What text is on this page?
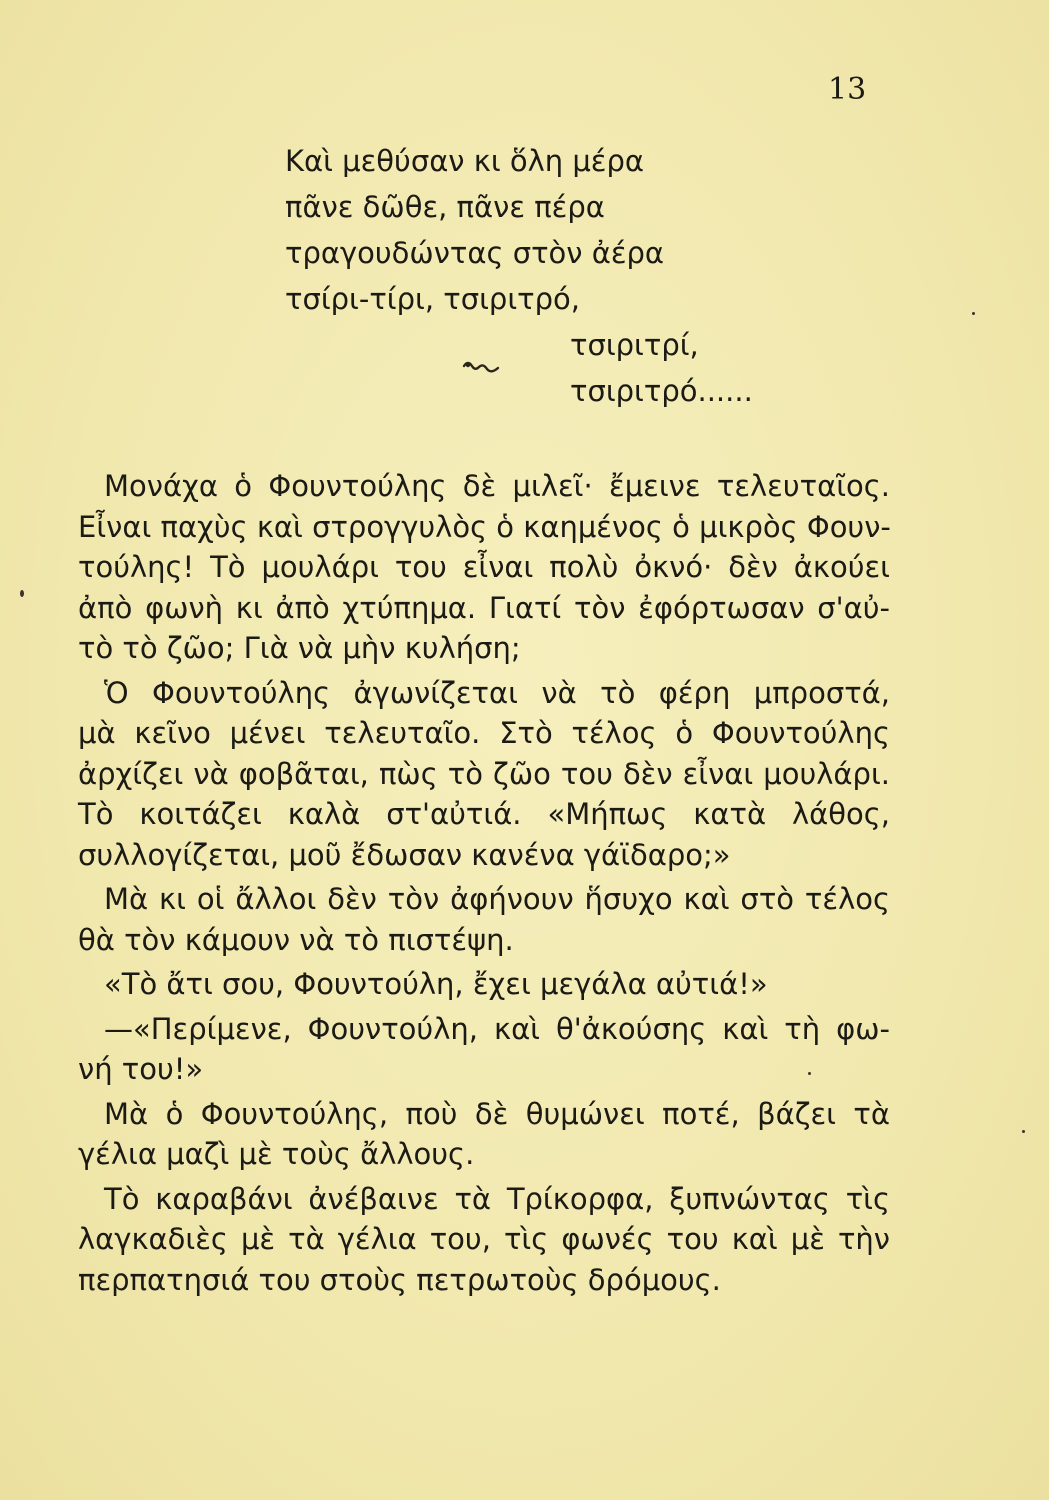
13
Καὶ μεθύσαν κι ὅλη μέρα
πᾶνε δῶθε, πᾶνε πέρα
τραγουδώντας στὸν ἀέρα
τσίρι-τίρι, τσιριτρό,
τσιριτρί,
τσιριτρό......
Μονάχα ὁ Φουντούλης δὲ μιλεῖ· ἔμεινε τελευταῖος.
Εἶναι παχὺς καὶ στρογγυλὸς ὁ καημένος ὁ μικρὸς Φουν-
τούλης! Τὸ μουλάρι του εἶναι πολὺ ὀκνό· δὲν ἀκούει
ἀπὸ φωνὴ κι ἀπὸ χτύπημα. Γιατί τὸν ἐφόρτωσαν σ'αὐ-
τὸ τὸ ζῶο; Γιὰ νὰ μὴν κυλήση;
Ὁ Φουντούλης ἀγωνίζεται νὰ τὸ φέρη μπροστά,
μὰ κεῖνο μένει τελευταῖο. Στὸ τέλος ὁ Φουντούλης
ἀρχίζει νὰ φοβᾶται, πὼς τὸ ζῶο του δὲν εἶναι μουλάρι.
Τὸ κοιτάζει καλὰ στ'αὐτιά. «Μήπως κατὰ λάθος,
συλλογίζεται, μοῦ ἔδωσαν κανένα γάϊδαρο;»
Μὰ κι οἱ ἄλλοι δὲν τὸν ἀφήνουν ἥσυχο καὶ στὸ τέλος
θὰ τὸν κάμουν νὰ τὸ πιστέψη.
«Τὸ ἄτι σου, Φουντούλη, ἔχει μεγάλα αὐτιά!»
—«Περίμενε, Φουντούλη, καὶ θ'ἀκούσης καὶ τὴ φω-
νή του!»
Μὰ ὁ Φουντούλης, ποὺ δὲ θυμώνει ποτέ, βάζει τὰ
γέλια μαζὶ μὲ τοὺς ἄλλους.
Τὸ καραβάνι ἀνέβαινε τὰ Τρίκορφα, ξυπνώντας τὶς
λαγκαδιὲς μὲ τὰ γέλια του, τὶς φωνές του καὶ μὲ τὴν
περπατησιά του στοὺς πετρωτοὺς δρόμους.
